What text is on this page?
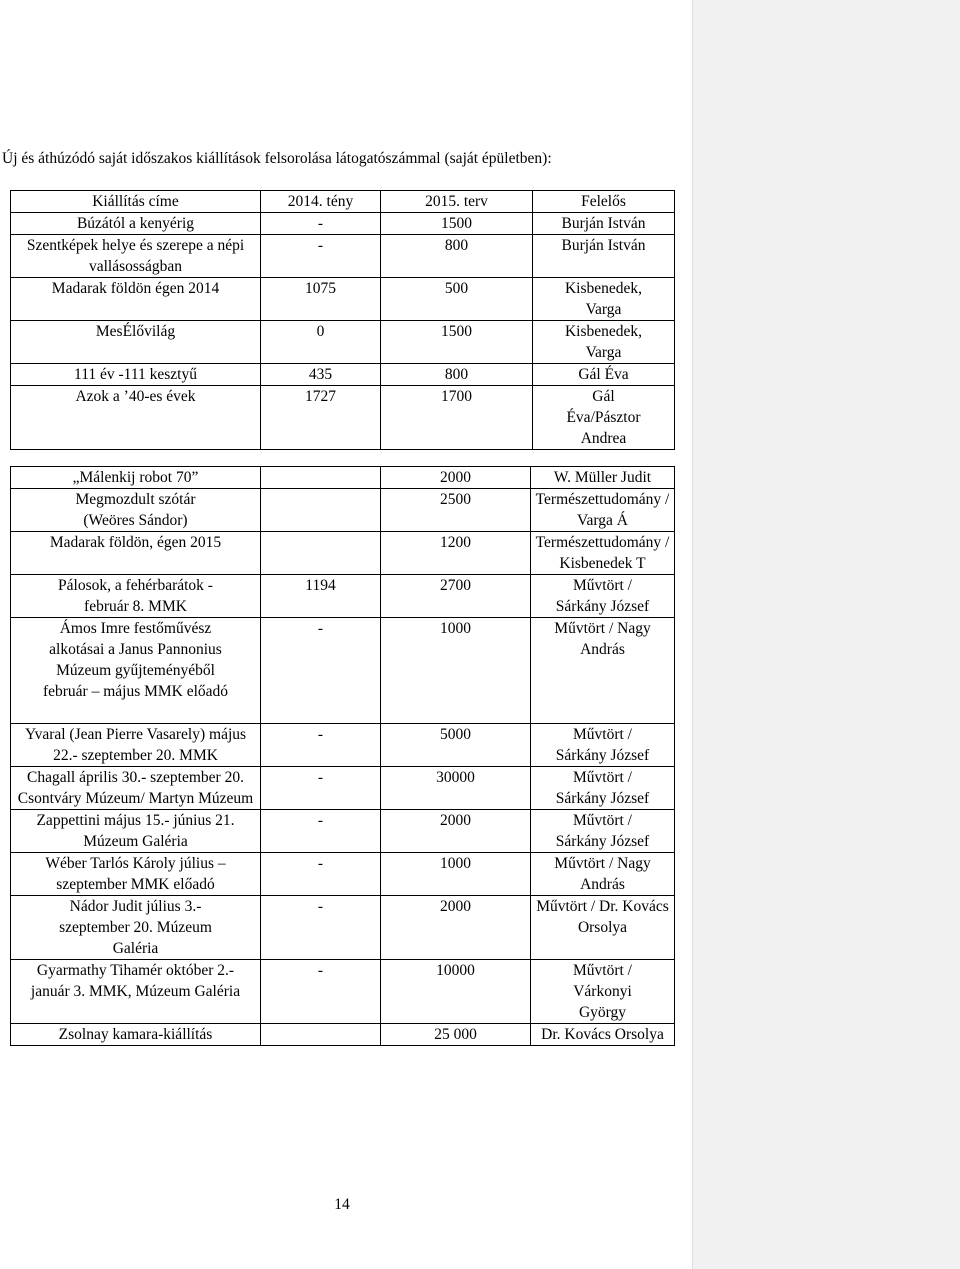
Új és áthúzódó saját időszakos kiállítások felsorolása látogatószámmal (saját épületben):
Kiállítás címe	2014. tény	2015. terv	Felelős
Búzától a kenyérig	-	1500	Burján István
Szentképek helye és szerepe a népi vallásosságban	-	800	Burján István
Madarak földön égen 2014	1075	500	Kisbenedek, Varga
MesÉlővilág	0	1500	Kisbenedek, Varga
111 év -111 kesztyű	435	800	Gál Éva
Azok a ’40-es évek	1727	1700	Gál Éva/Pásztor Andrea
„Málenkij robot 70”		2000	W. Müller Judit
Megmozdult szótár (Weöres Sándor)		2500	Természettudomány / Varga Á
Madarak földön, égen 2015		1200	Természettudomány / Kisbenedek T
Pálosok, a fehérbarátok - február 8. MMK	1194	2700	Művtört / Sárkány József
Ámos Imre festőművész alkotásai a Janus Pannonius Múzeum gyűjteményéből február – május MMK előadó	-	1000	Művtört / Nagy András
Yvaral (Jean Pierre Vasarely) május 22.- szeptember 20. MMK	-	5000	Művtört / Sárkány József
Chagall április 30.- szeptember 20. Csontváry Múzeum/ Martyn Múzeum	-	30000	Művtört / Sárkány József
Zappettini május 15.- június 21. Múzeum Galéria	-	2000	Művtört / Sárkány József
Wéber Tarlós Károly július – szeptember MMK előadó	-	1000	Művtört / Nagy András
Nádor Judit július 3.- szeptember 20. Múzeum Galéria	-	2000	Művtört / Dr. Kovács Orsolya
Gyarmathy Tihamér október 2.- január 3. MMK, Múzeum Galéria	-	10000	Művtört / Várkonyi György
Zsolnay kamara-kiállítás		25 000	Dr. Kovács Orsolya
14
